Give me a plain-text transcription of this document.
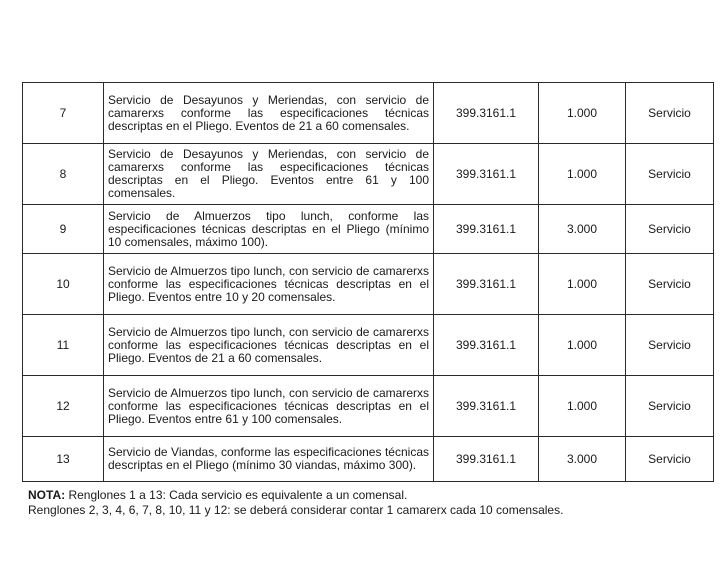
7	Servicio de Desayunos y Meriendas, con servicio de camarerxs conforme las especificaciones técnicas descriptas en el Pliego. Eventos de 21 a 60 comensales.	399.3161.1	1.000	Servicio
8	Servicio de Desayunos y Meriendas, con servicio de camarerxs conforme las especificaciones técnicas descriptas en el Pliego. Eventos entre 61 y 100 comensales.	399.3161.1	1.000	Servicio
9	Servicio de Almuerzos tipo lunch, conforme las especificaciones técnicas descriptas en el Pliego (mínimo 10 comensales, máximo 100).	399.3161.1	3.000	Servicio
10	Servicio de Almuerzos tipo lunch, con servicio de camarerxs conforme las especificaciones técnicas descriptas en el Pliego. Eventos entre 10 y 20 comensales.	399.3161.1	1.000	Servicio
11	Servicio de Almuerzos tipo lunch, con servicio de camarerxs conforme las especificaciones técnicas descriptas en el Pliego. Eventos de 21 a 60 comensales.	399.3161.1	1.000	Servicio
12	Servicio de Almuerzos tipo lunch, con servicio de camarerxs conforme las especificaciones técnicas descriptas en el Pliego. Eventos entre 61 y 100 comensales.	399.3161.1	1.000	Servicio
13	Servicio de Viandas, conforme las especificaciones técnicas descriptas en el Pliego (mínimo 30 viandas, máximo 300).	399.3161.1	3.000	Servicio
NOTA: Renglones 1 a 13: Cada servicio es equivalente a un comensal.
Renglones 2, 3, 4, 6, 7, 8, 10, 11 y 12: se deberá considerar contar 1 camarerx cada 10 comensales.
